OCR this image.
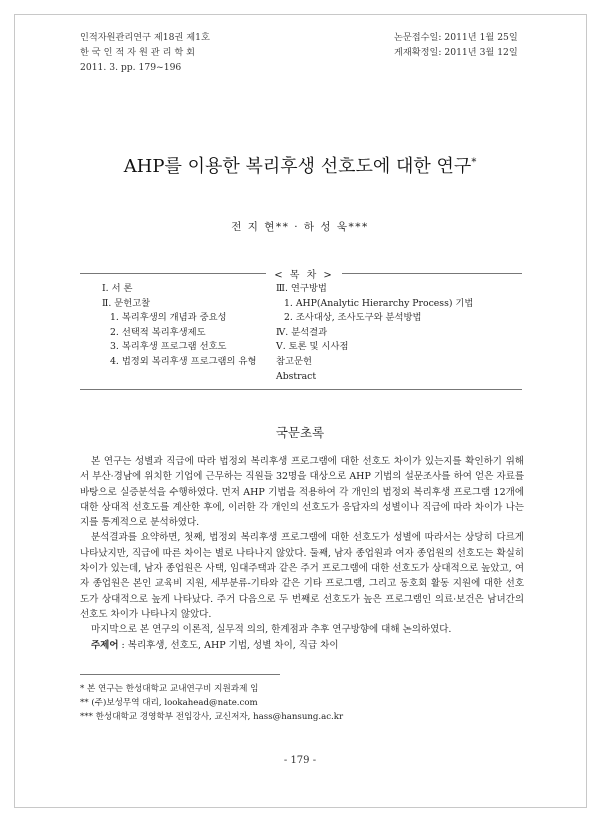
인적자원관리연구 제18권 제1호
한 국 인 적 자 원 관 리 학 회
2011. 3. pp. 179~196
논문접수일: 2011년 1월 25일
게재확정일: 2011년 3월 12일
AHP를 이용한 복리후생 선호도에 대한 연구*
전 지 현** · 하 성 욱***
< 목 차 >
Ⅰ. 서 론
Ⅱ. 문헌고찰
1. 복리후생의 개념과 중요성
2. 선택적 복리후생제도
3. 복리후생 프로그램 선호도
4. 법정외 복리후생 프로그램의 유형
Ⅲ. 연구방법
1. AHP(Analytic Hierarchy Process) 기법
2. 조사대상, 조사도구와 분석방법
Ⅳ. 분석결과
Ⅴ. 토론 및 시사점
참고문헌
Abstract
국문초록

본 연구는 성별과 직급에 따라 법정외 복리후생 프로그램에 대한 선호도 차이가 있는지를 확인하기 위해서 부산·경남에 위치한 기업에 근무하는 직원들 32명을 대상으로 AHP 기법의 설문조사를 하여 얻은 자료를 바탕으로 실증분석을 수행하였다. 먼저 AHP 기법을 적용하여 각 개인의 법정외 복리후생 프로그램 12개에 대한 상대적 선호도를 계산한 후에, 이러한 각 개인의 선호도가 응답자의 성별이나 직급에 따라 차이가 나는지를 통계적으로 분석하였다.

분석결과를 요약하면, 첫째, 법정외 복리후생 프로그램에 대한 선호도가 성별에 따라서는 상당히 다르게 나타났지만, 직급에 따른 차이는 별로 나타나지 않았다. 둘째, 남자 종업원과 여자 종업원의 선호도는 확실히 차이가 있는데, 남자 종업원은 사택, 임대주택과 같은 주거 프로그램에 대한 선호도가 상대적으로 높았고, 여자 종업원은 본인 교육비 지원, 세부분류-기타와 같은 기타 프로그램, 그리고 동호회 활동 지원에 대한 선호도가 상대적으로 높게 나타났다. 주거 다음으로 두 번째로 선호도가 높은 프로그램인 의료·보건은 남녀간의 선호도 차이가 나타나지 않았다.

마지막으로 본 연구의 이론적, 실무적 의의, 한계점과 추후 연구방향에 대해 논의하였다.

주제어 : 복리후생, 선호도, AHP 기법, 성별 차이, 직급 차이

* 본 연구는 한성대학교 교내연구비 지원과제 임
** (주)보성무역 대리, lookahead@nate.com
*** 한성대학교 경영학부 전임강사, 교신저자, hass@hansung.ac.kr
- 179 -
